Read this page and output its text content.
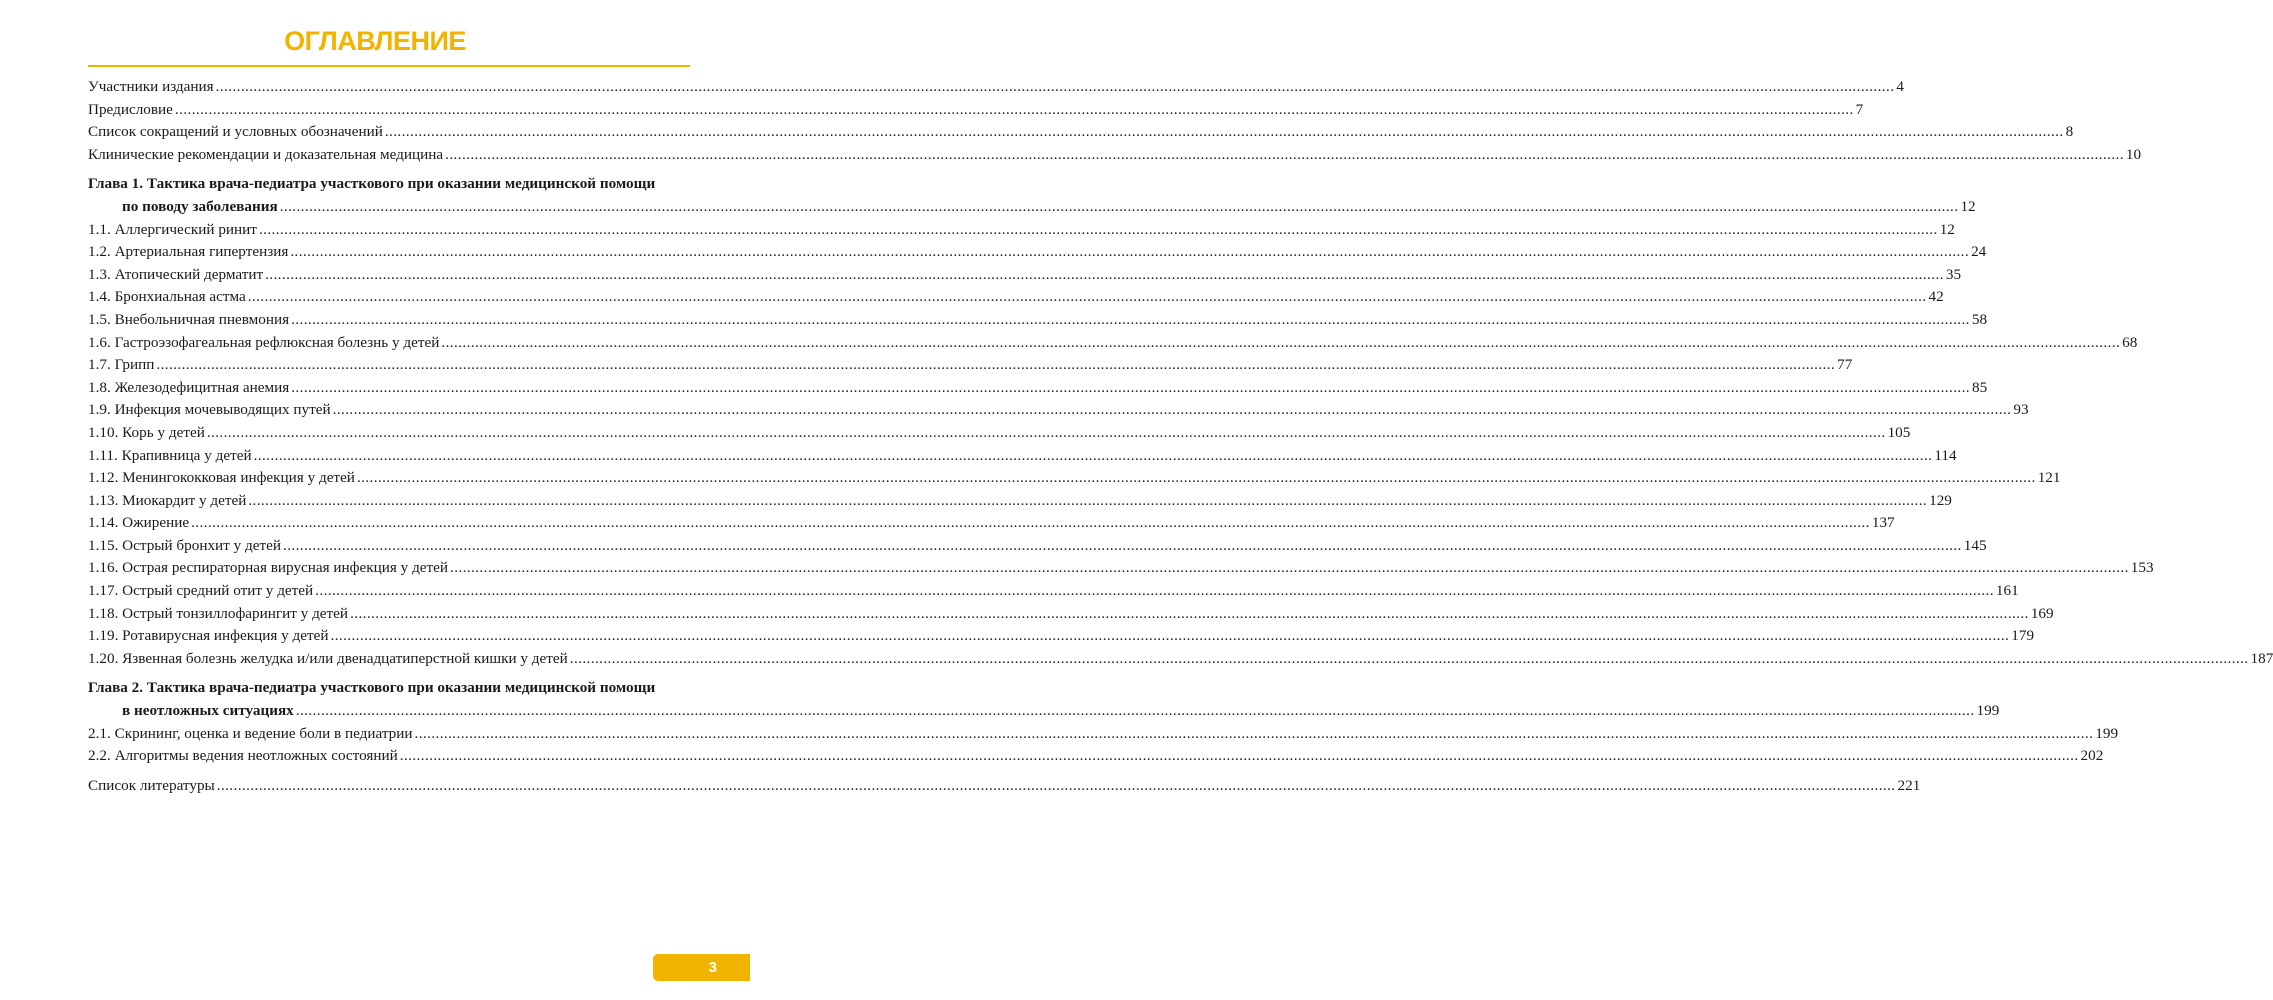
ОГЛАВЛЕНИЕ
Участники издания ................................................................................................................................................................................................................................................................................................................................................................................................................ 4
Предисловие ................................................................................................................................................................................................................................................................................................................................................................................................................ 7
Список сокращений и условных обозначений ................................................................................................................................................................................................................................................................................................................................................................................................................ 8
Клинические рекомендации и доказательная медицина ................................................................................................................................................................................................................................................................................................................................................................................................................ 10
Глава 1. Тактика врача-педиатра участкового при оказании медицинской помощи
по поводу заболевания ................................................................................................................................................................................................................................................................................................................................................................................................................ 12
1.1. Аллергический ринит ................................................................................................................................................................................................................................................................................................................................................................................................................ 12
1.2. Артериальная гипертензия ................................................................................................................................................................................................................................................................................................................................................................................................................ 24
1.3. Атопический дерматит ................................................................................................................................................................................................................................................................................................................................................................................................................ 35
1.4. Бронхиальная астма ................................................................................................................................................................................................................................................................................................................................................................................................................ 42
1.5. Внебольничная пневмония ................................................................................................................................................................................................................................................................................................................................................................................................................ 58
1.6. Гастроэзофагеальная рефлюксная болезнь у детей ................................................................................................................................................................................................................................................................................................................................................................................................................ 68
1.7. Грипп ................................................................................................................................................................................................................................................................................................................................................................................................................ 77
1.8. Железодефицитная анемия ................................................................................................................................................................................................................................................................................................................................................................................................................ 85
1.9. Инфекция мочевыводящих путей ................................................................................................................................................................................................................................................................................................................................................................................................................ 93
1.10. Корь у детей ................................................................................................................................................................................................................................................................................................................................................................................................................ 105
1.11. Крапивница у детей ................................................................................................................................................................................................................................................................................................................................................................................................................ 114
1.12. Менингококковая инфекция у детей ................................................................................................................................................................................................................................................................................................................................................................................................................ 121
1.13. Миокардит у детей ................................................................................................................................................................................................................................................................................................................................................................................................................ 129
1.14. Ожирение ................................................................................................................................................................................................................................................................................................................................................................................................................ 137
1.15. Острый бронхит у детей ................................................................................................................................................................................................................................................................................................................................................................................................................ 145
1.16. Острая респираторная вирусная инфекция у детей ................................................................................................................................................................................................................................................................................................................................................................................................................ 153
1.17. Острый средний отит у детей ................................................................................................................................................................................................................................................................................................................................................................................................................ 161
1.18. Острый тонзиллофарингит у детей ................................................................................................................................................................................................................................................................................................................................................................................................................ 169
1.19. Ротавирусная инфекция у детей ................................................................................................................................................................................................................................................................................................................................................................................................................ 179
1.20. Язвенная болезнь желудка и/или двенадцатиперстной кишки у детей ................................................................................................................................................................................................................................................................................................................................................................................................................ 187
Глава 2. Тактика врача-педиатра участкового при оказании медицинской помощи
в неотложных ситуациях ................................................................................................................................................................................................................................................................................................................................................................................................................ 199
2.1. Скрининг, оценка и ведение боли в педиатрии ................................................................................................................................................................................................................................................................................................................................................................................................................ 199
2.2. Алгоритмы ведения неотложных состояний ................................................................................................................................................................................................................................................................................................................................................................................................................ 202
Список литературы ................................................................................................................................................................................................................................................................................................................................................................................................................ 221
3
